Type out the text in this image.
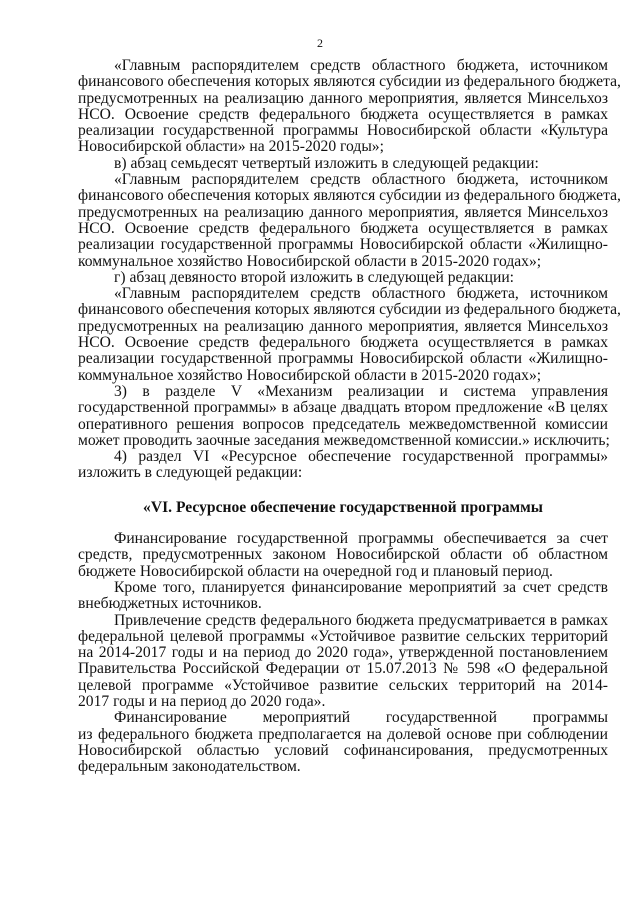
2
«Главным распорядителем средств областного бюджета, источником
финансового обеспечения которых являются субсидии из федерального бюджета,
предусмотренных на реализацию данного мероприятия, является Минсельхоз
НСО. Освоение средств федерального бюджета осуществляется в рамках
реализации государственной программы Новосибирской области «Культура
Новосибирской области» на 2015-2020 годы»;
в) абзац семьдесят четвертый изложить в следующей редакции:
«Главным распорядителем средств областного бюджета, источником
финансового обеспечения которых являются субсидии из федерального бюджета,
предусмотренных на реализацию данного мероприятия, является Минсельхоз
НСО. Освоение средств федерального бюджета осуществляется в рамках
реализации государственной программы Новосибирской области «Жилищно-
коммунальное хозяйство Новосибирской области в 2015-2020 годах»;
г) абзац девяносто второй изложить в следующей редакции:
«Главным распорядителем средств областного бюджета, источником
финансового обеспечения которых являются субсидии из федерального бюджета,
предусмотренных на реализацию данного мероприятия, является Минсельхоз
НСО. Освоение средств федерального бюджета осуществляется в рамках
реализации государственной программы Новосибирской области «Жилищно-
коммунальное хозяйство Новосибирской области в 2015-2020 годах»;
3) в разделе V «Механизм реализации и система управления
государственной программы» в абзаце двадцать втором предложение «В целях
оперативного решения вопросов председатель межведомственной комиссии
может проводить заочные заседания межведомственной комиссии.» исключить;
4) раздел VI «Ресурсное обеспечение государственной программы»
изложить в следующей редакции:
«VI. Ресурсное обеспечение государственной программы
Финансирование государственной программы обеспечивается за счет
средств, предусмотренных законом Новосибирской области об областном
бюджете Новосибирской области на очередной год и плановый период.
Кроме того, планируется финансирование мероприятий за счет средств
внебюджетных источников.
Привлечение средств федерального бюджета предусматривается в рамках
федеральной целевой программы «Устойчивое развитие сельских территорий
на 2014-2017 годы и на период до 2020 года», утвержденной постановлением
Правительства Российской Федерации от 15.07.2013 № 598 «О федеральной
целевой программе «Устойчивое развитие сельских территорий на 2014-
2017 годы и на период до 2020 года».
Финансирование мероприятий государственной программы
из федерального бюджета предполагается на долевой основе при соблюдении
Новосибирской областью условий софинансирования, предусмотренных
федеральным законодательством.
